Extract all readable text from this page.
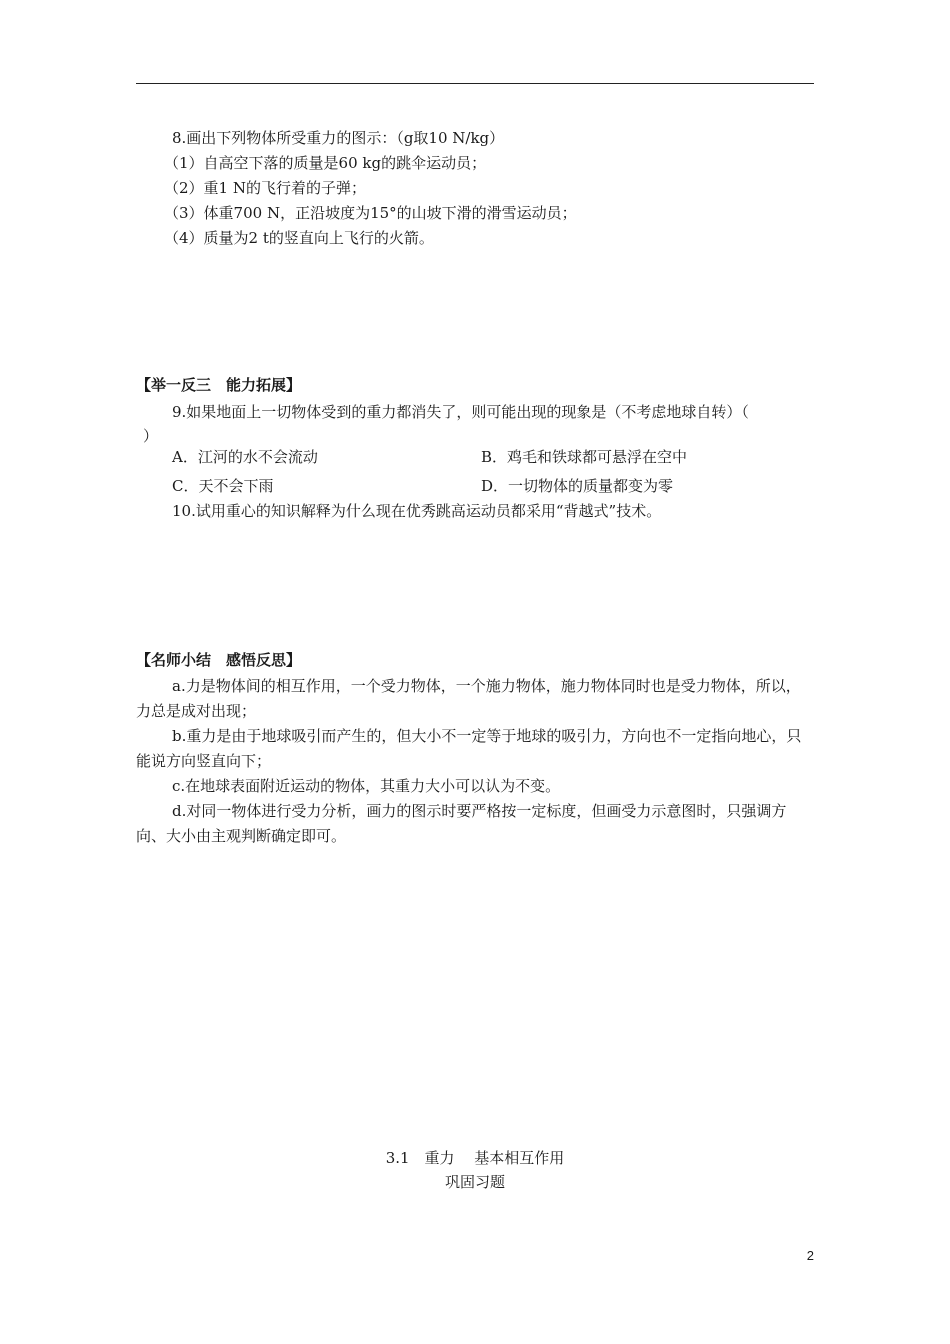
8.画出下列物体所受重力的图示：（g取10 N/kg）
（1）自高空下落的质量是60 kg的跳伞运动员；
（2）重1 N的飞行着的子弹；
（3）体重700 N，正沿坡度为15°的山坡下滑的滑雪运动员；
（4）质量为2 t的竖直向上飞行的火箭。
【举一反三　能力拓展】
9.如果地面上一切物体受到的重力都消失了，则可能出现的现象是（不考虑地球自转）（
）
A．江河的水不会流动	B．鸡毛和铁球都可悬浮在空中
C．天不会下雨	D．一切物体的质量都变为零
10.试用重心的知识解释为什么现在优秀跳高运动员都采用“背越式”技术。
【名师小结　感悟反思】

a.力是物体间的相互作用，一个受力物体，一个施力物体，施力物体同时也是受力物体，所以，力总是成对出现；

b.重力是由于地球吸引而产生的，但大小不一定等于地球的吸引力，方向也不一定指向地心，只能说方向竖直向下；

c.在地球表面附近运动的物体，其重力大小可以认为不变。

d.对同一物体进行受力分析，画力的图示时要严格按一定标度，但画受力示意图时，只强调方向、大小由主观判断确定即可。

3.1　重力　 基本相互作用
巩固习题
2
